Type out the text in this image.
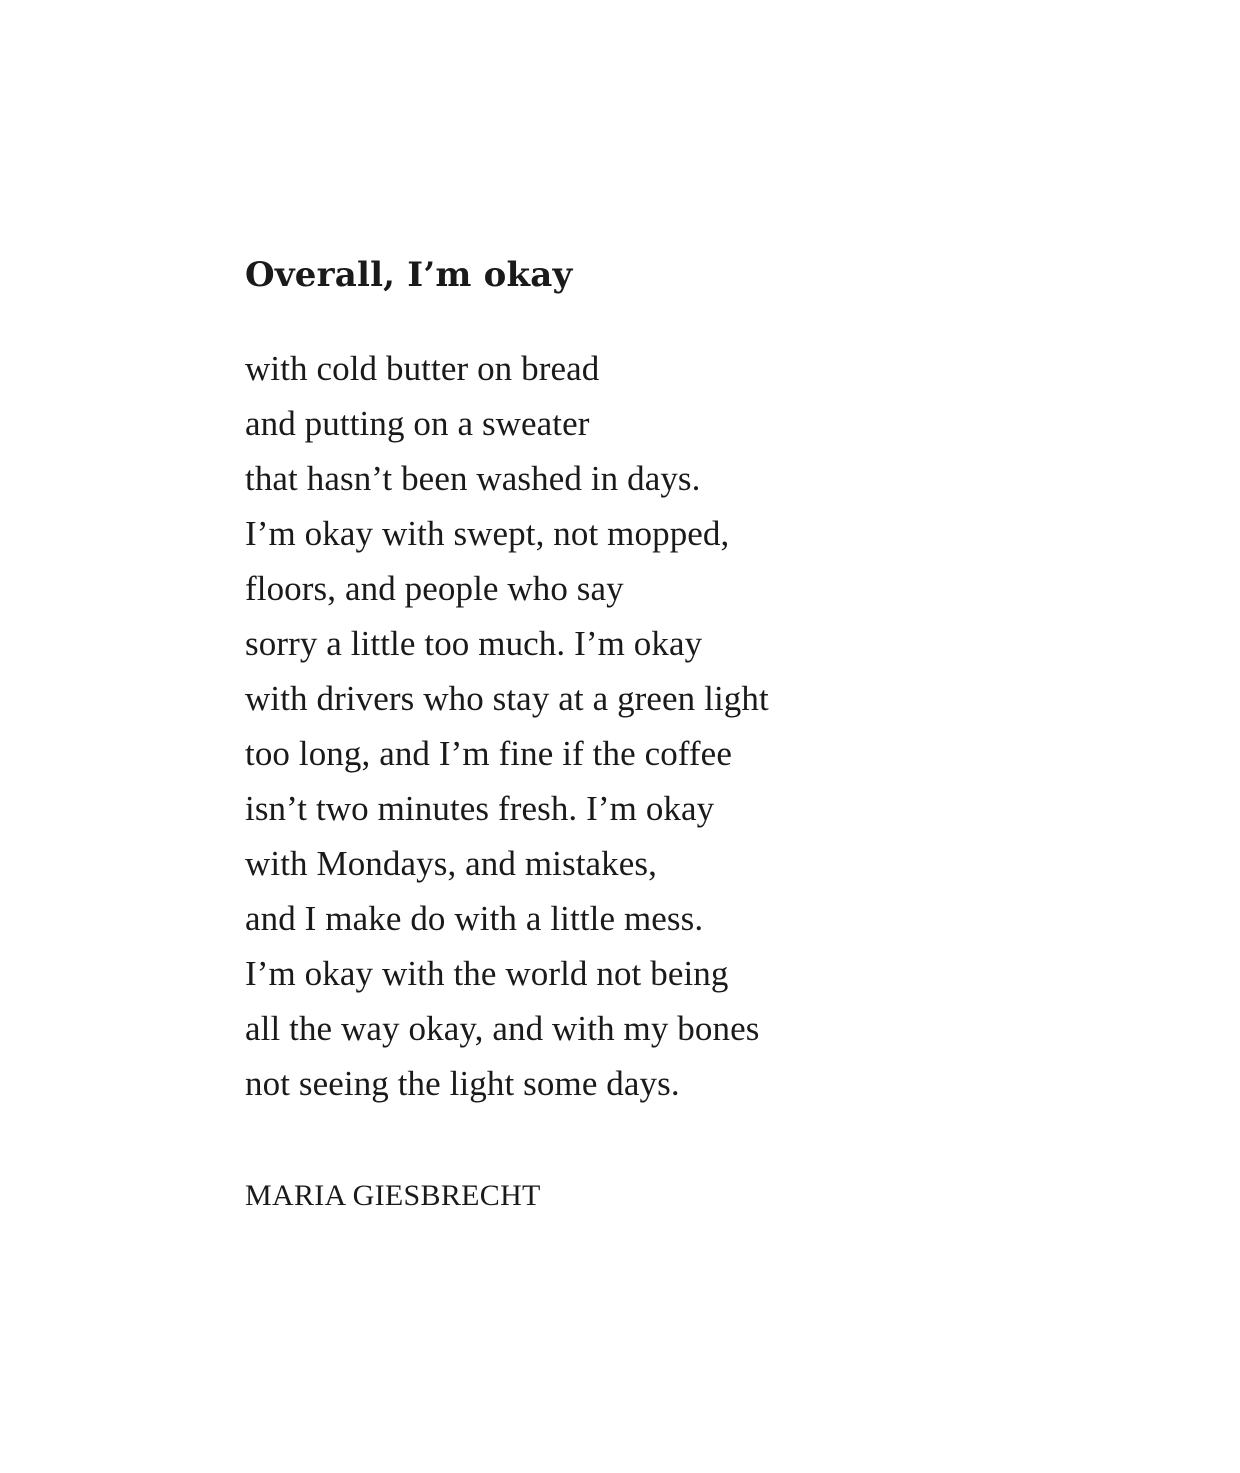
Overall, I’m okay
with cold butter on bread
and putting on a sweater
that hasn’t been washed in days.
I’m okay with swept, not mopped,
floors, and people who say
sorry a little too much. I’m okay
with drivers who stay at a green light
too long, and I’m fine if the coffee
isn’t two minutes fresh. I’m okay
with Mondays, and mistakes,
and I make do with a little mess.
I’m okay with the world not being
all the way okay, and with my bones
not seeing the light some days.

MARIA GIESBRECHT
